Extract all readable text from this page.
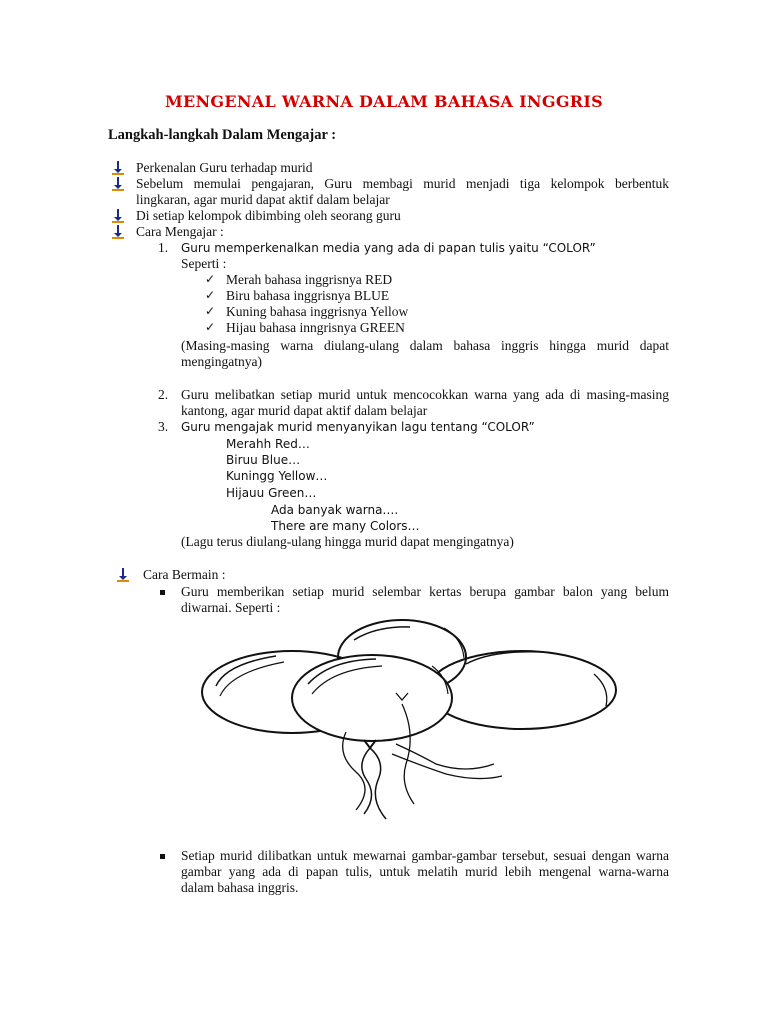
MENGENAL WARNA DALAM BAHASA INGGRIS
Langkah-langkah Dalam Mengajar :
Perkenalan Guru terhadap murid
Sebelum memulai pengajaran, Guru membagi murid menjadi tiga kelompok berbentuk
lingkaran, agar murid dapat aktif dalam belajar
Di setiap kelompok dibimbing oleh seorang guru
Cara Mengajar :
1. Guru memperkenalkan media yang ada di papan tulis yaitu “COLOR”
Seperti :
✓ Merah bahasa inggrisnya RED
✓ Biru bahasa inggrisnya BLUE
✓ Kuning bahasa inggrisnya Yellow
✓ Hijau bahasa inngrisnya GREEN
(Masing-masing warna diulang-ulang dalam bahasa inggris hingga murid dapat
mengingatnya)
2. Guru melibatkan setiap murid untuk mencocokkan warna yang ada di masing-masing
kantong, agar murid dapat aktif dalam belajar
3. Guru mengajak murid menyanyikan lagu tentang “COLOR”
Merahh Red…
Biruu Blue…
Kuningg Yellow…
Hijauu Green…
Ada banyak warna….
There are many Colors…
(Lagu terus diulang-ulang hingga murid dapat mengingatnya)
Cara Bermain :
Guru memberikan setiap murid selembar kertas berupa gambar balon yang belum
diwarnai. Seperti :
Setiap murid dilibatkan untuk mewarnai gambar-gambar tersebut, sesuai dengan warna
gambar yang ada di papan tulis, untuk melatih murid lebih mengenal warna-warna
dalam bahasa inggris.
